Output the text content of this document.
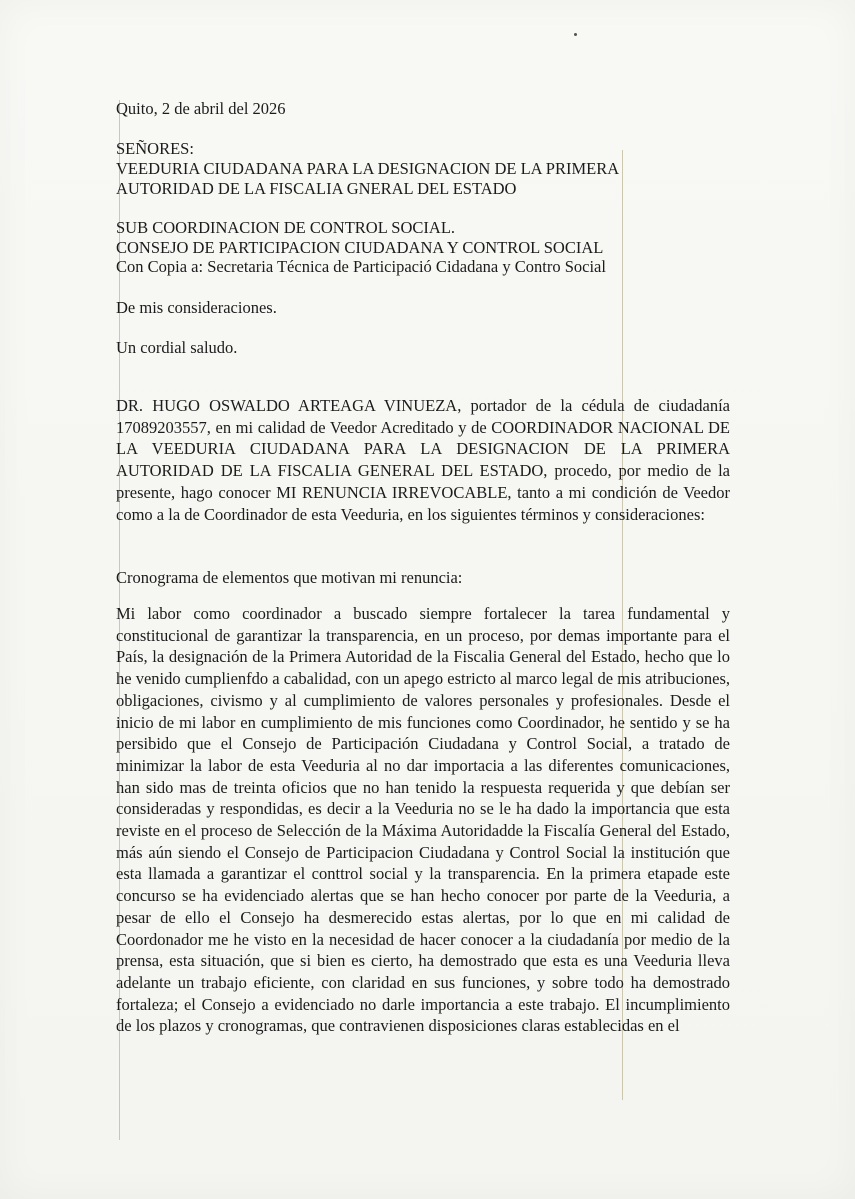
Quito, 2 de abril del 2026
SEÑORES:
VEEDURIA CIUDADANA PARA LA DESIGNACION DE LA PRIMERA
AUTORIDAD DE LA FISCALIA GNERAL DEL ESTADO
SUB COORDINACION DE CONTROL SOCIAL.
CONSEJO DE PARTICIPACION CIUDADANA Y CONTROL SOCIAL
Con Copia a: Secretaria Técnica de Participació Cidadana y Contro Social
De mis consideraciones.
Un cordial saludo.

DR. HUGO OSWALDO ARTEAGA VINUEZA, portador de la cédula de ciudadanía 17089203557, en mi calidad de Veedor Acreditado y de COORDINADOR NACIONAL DE LA VEEDURIA CIUDADANA PARA LA DESIGNACION DE LA PRIMERA AUTORIDAD DE LA FISCALIA GENERAL DEL ESTADO, procedo, por medio de la presente, hago conocer MI RENUNCIA IRREVOCABLE, tanto a mi condición de Veedor como a la de Coordinador de esta Veeduria, en los siguientes términos y consideraciones:

Cronograma de elementos que motivan mi renuncia:

Mi labor como coordinador a buscado siempre fortalecer la tarea fundamental y constitucional de garantizar la transparencia, en un proceso, por demas importante para el País, la designación de la Primera Autoridad de la Fiscalia General del Estado, hecho que lo he venido cumplienfdo a cabalidad, con un apego estricto al marco legal de mis atribuciones, obligaciones, civismo y al cumplimiento de valores personales y profesionales. Desde el inicio de mi labor en cumplimiento de mis funciones como Coordinador, he sentido y se ha persibido que el Consejo de Participación Ciudadana y Control Social, a tratado de minimizar la labor de esta Veeduria al no dar importacia a las diferentes comunicaciones, han sido mas de treinta oficios que no han tenido la respuesta requerida y que debían ser consideradas y respondidas, es decir a la Veeduria no se le ha dado la importancia que esta reviste en el proceso de Selección de la Máxima Autoridadde la Fiscalía General del Estado, más aún siendo el Consejo de Participacion Ciudadana y Control Social la institución que esta llamada a garantizar el conttrol social y la transparencia. En la primera etapade este concurso se ha evidenciado alertas que se han hecho conocer por parte de la Veeduria, a pesar de ello el Consejo ha desmerecido estas alertas, por lo que en mi calidad de Coordonador me he visto en la necesidad de hacer conocer a la ciudadanía por medio de la prensa, esta situación, que si bien es cierto, ha demostrado que esta es una Veeduria lleva adelante un trabajo eficiente, con claridad en sus funciones, y sobre todo ha demostrado fortaleza; el Consejo a evidenciado no darle importancia a este trabajo. El incumplimiento de los plazos y cronogramas, que contravienen disposiciones claras establecidas en el
